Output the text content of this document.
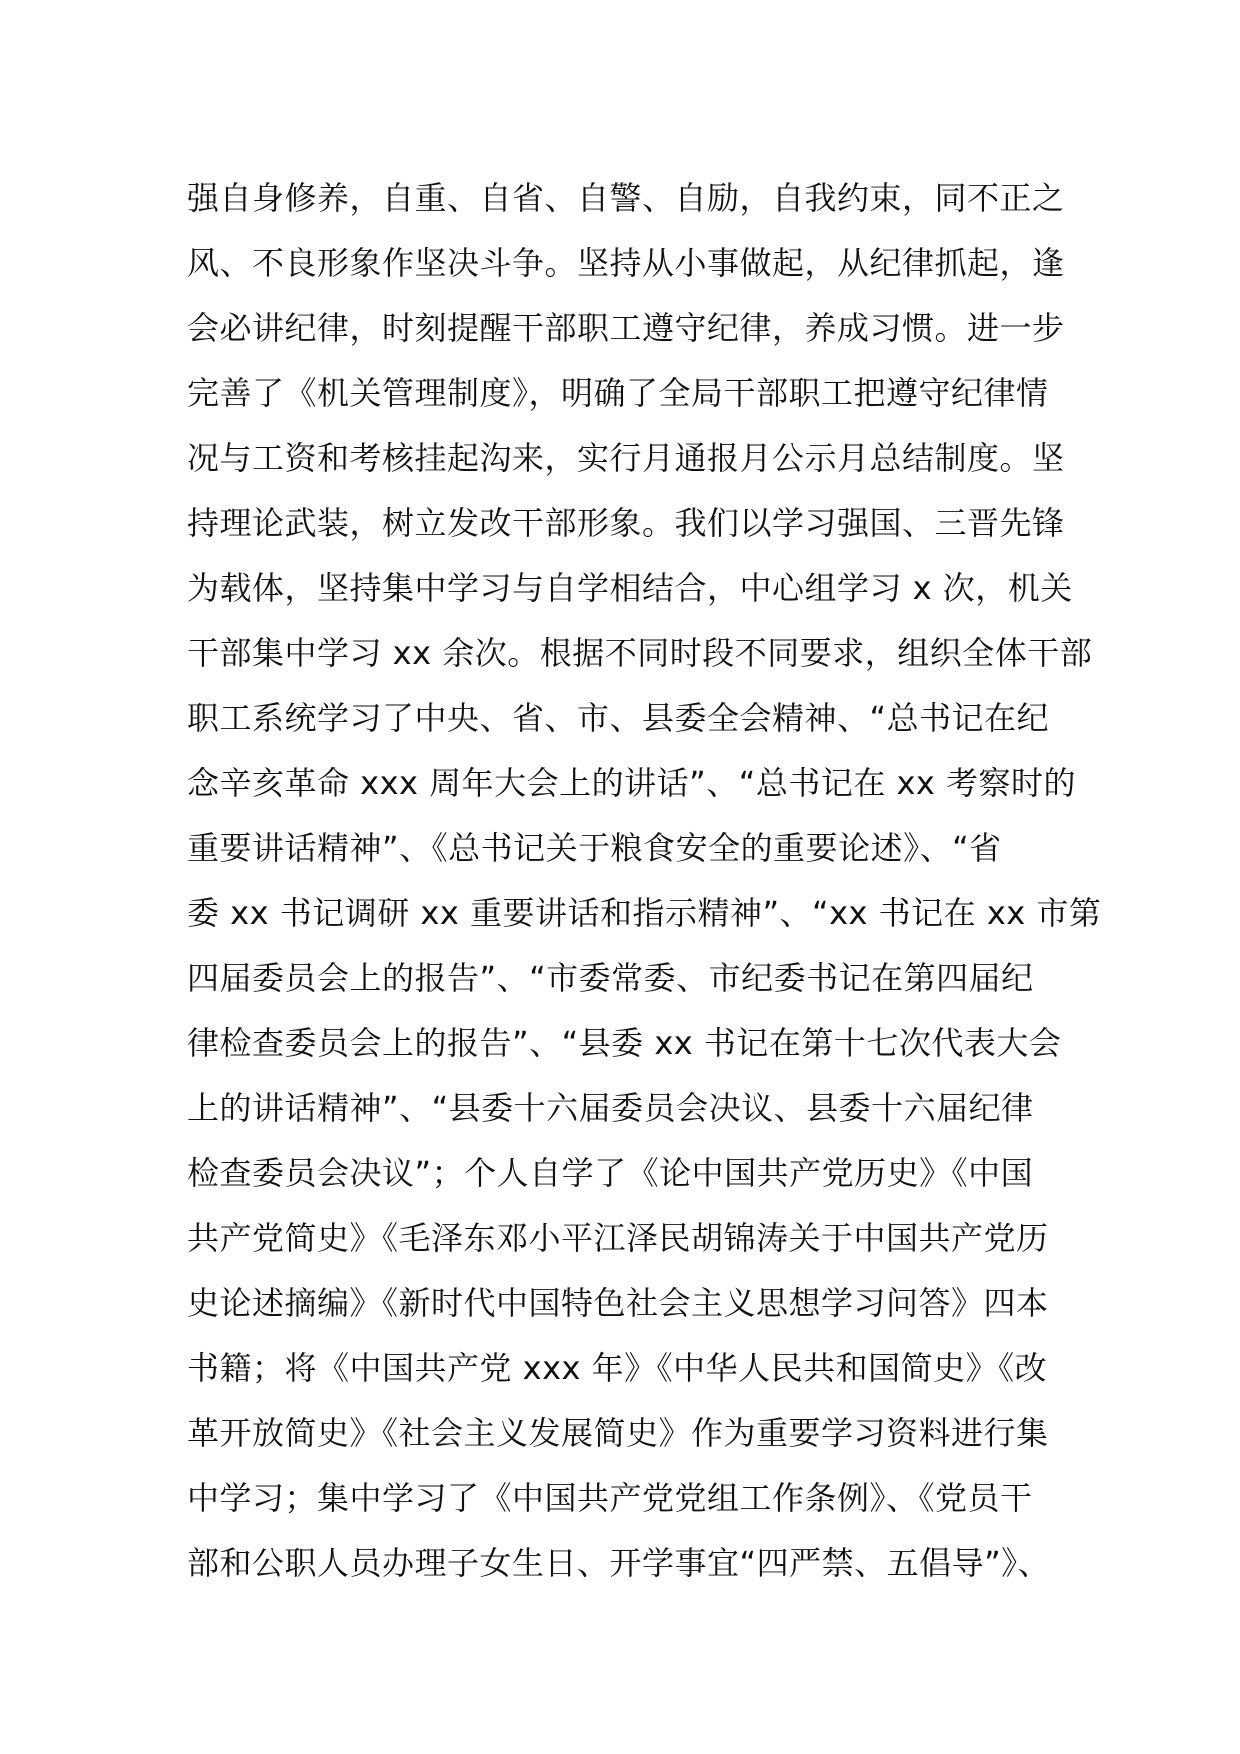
强自身修养，自重、自省、自警、自励，自我约束，同不正之
风、不良形象作坚决斗争。坚持从小事做起，从纪律抓起，逢
会必讲纪律，时刻提醒干部职工遵守纪律，养成习惯。进一步
完善了《机关管理制度》，明确了全局干部职工把遵守纪律情
况与工资和考核挂起沟来，实行月通报月公示月总结制度。坚
持理论武装，树立发改干部形象。我们以学习强国、三晋先锋
为载体，坚持集中学习与自学相结合，中心组学习 x 次，机关
干部集中学习 xx 余次。根据不同时段不同要求，组织全体干部
职工系统学习了中央、省、市、县委全会精神、“总书记在纪
念辛亥革命 xxx 周年大会上的讲话”、“总书记在 xx 考察时的
重要讲话精神”、《总书记关于粮食安全的重要论述》、“省
委 xx 书记调研 xx 重要讲话和指示精神”、“xx 书记在 xx 市第
四届委员会上的报告”、“市委常委、市纪委书记在第四届纪
律检查委员会上的报告”、“县委 xx 书记在第十七次代表大会
上的讲话精神”、“县委十六届委员会决议、县委十六届纪律
检查委员会决议”；个人自学了《论中国共产党历史》《中国
共产党简史》《毛泽东邓小平江泽民胡锦涛关于中国共产党历
史论述摘编》《新时代中国特色社会主义思想学习问答》四本
书籍；将《中国共产党 xxx 年》《中华人民共和国简史》《改
革开放简史》《社会主义发展简史》作为重要学习资料进行集
中学习；集中学习了《中国共产党党组工作条例》、《党员干
部和公职人员办理子女生日、开学事宜“四严禁、五倡导”》、
